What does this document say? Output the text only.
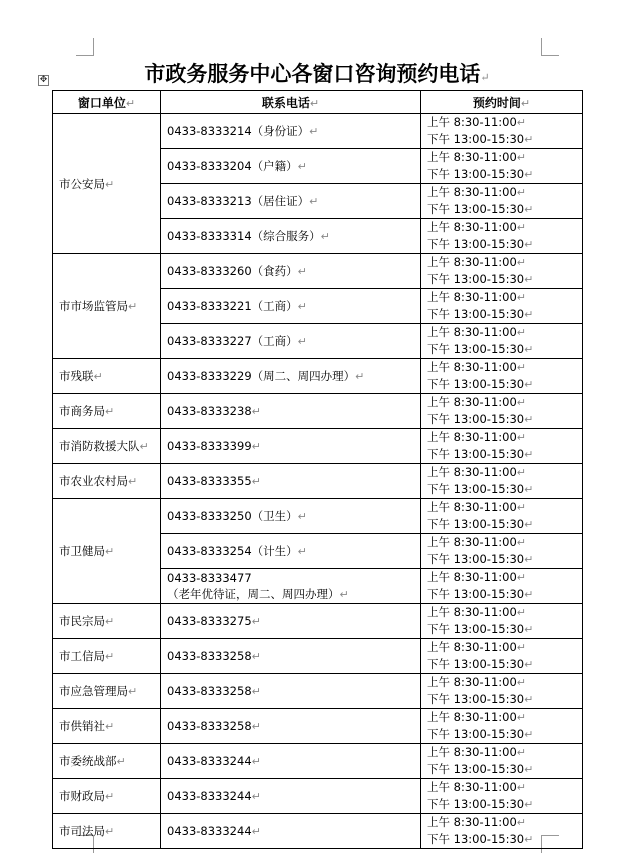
✥	市政务服务中心各窗口咨询预约电话↵
窗口单位↵	联系电话↵	预约时间↵
市公安局↵	0433-8333214（身份证）↵	上午 8:30-11:00↵
下午 13:00-15:30↵
	0433-8333204（户籍）↵	上午 8:30-11:00↵
下午 13:00-15:30↵
	0433-8333213（居住证）↵	上午 8:30-11:00↵
下午 13:00-15:30↵
	0433-8333314（综合服务）↵	上午 8:30-11:00↵
下午 13:00-15:30↵
市市场监管局↵	0433-8333260（食药）↵	上午 8:30-11:00↵
下午 13:00-15:30↵
	0433-8333221（工商）↵	上午 8:30-11:00↵
下午 13:00-15:30↵
	0433-8333227（工商）↵	上午 8:30-11:00↵
下午 13:00-15:30↵
市残联↵	0433-8333229（周二、周四办理）↵	上午 8:30-11:00↵
下午 13:00-15:30↵
市商务局↵	0433-8333238↵	上午 8:30-11:00↵
下午 13:00-15:30↵
市消防救援大队↵	0433-8333399↵	上午 8:30-11:00↵
下午 13:00-15:30↵
市农业农村局↵	0433-8333355↵	上午 8:30-11:00↵
下午 13:00-15:30↵
市卫健局↵	0433-8333250（卫生）↵	上午 8:30-11:00↵
下午 13:00-15:30↵
	0433-8333254（计生）↵	上午 8:30-11:00↵
下午 13:00-15:30↵
	0433-8333477
（老年优待证，周二、周四办理）↵	上午 8:30-11:00↵
下午 13:00-15:30↵
市民宗局↵	0433-8333275↵	上午 8:30-11:00↵
下午 13:00-15:30↵
市工信局↵	0433-8333258↵	上午 8:30-11:00↵
下午 13:00-15:30↵
市应急管理局↵	0433-8333258↵	上午 8:30-11:00↵
下午 13:00-15:30↵
市供销社↵	0433-8333258↵	上午 8:30-11:00↵
下午 13:00-15:30↵
市委统战部↵	0433-8333244↵	上午 8:30-11:00↵
下午 13:00-15:30↵
市财政局↵	0433-8333244↵	上午 8:30-11:00↵
下午 13:00-15:30↵
市司法局↵	0433-8333244↵	上午 8:30-11:00↵
下午 13:00-15:30↵
